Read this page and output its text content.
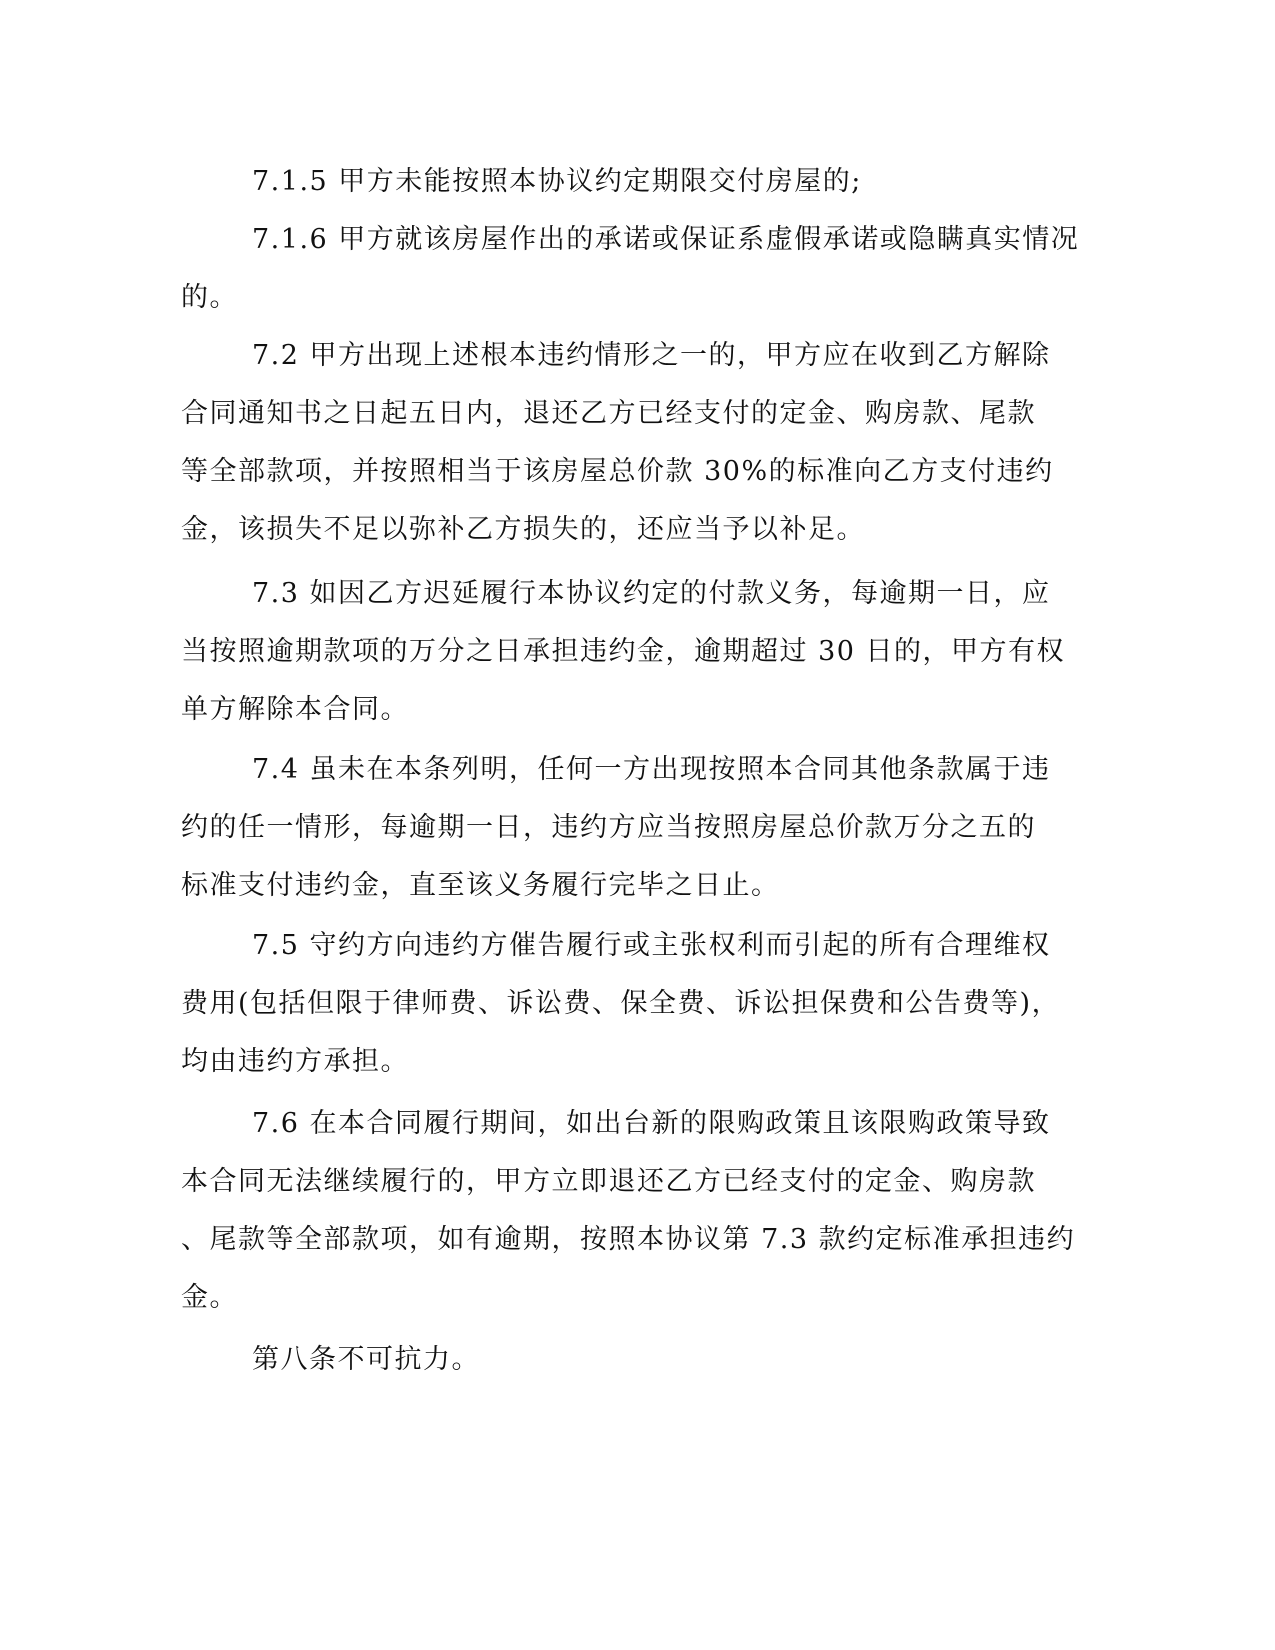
7.1.5 甲方未能按照本协议约定期限交付房屋的;
7.1.6 甲方就该房屋作出的承诺或保证系虚假承诺或隐瞒真实情况
的。
7.2 甲方出现上述根本违约情形之一的，甲方应在收到乙方解除
合同通知书之日起五日内，退还乙方已经支付的定金、购房款、尾款
等全部款项，并按照相当于该房屋总价款 30%的标准向乙方支付违约
金，该损失不足以弥补乙方损失的，还应当予以补足。
7.3 如因乙方迟延履行本协议约定的付款义务，每逾期一日，应
当按照逾期款项的万分之日承担违约金，逾期超过 30 日的，甲方有权
单方解除本合同。
7.4 虽未在本条列明，任何一方出现按照本合同其他条款属于违
约的任一情形，每逾期一日，违约方应当按照房屋总价款万分之五的
标准支付违约金，直至该义务履行完毕之日止。
7.5 守约方向违约方催告履行或主张权利而引起的所有合理维权
费用(包括但限于律师费、诉讼费、保全费、诉讼担保费和公告费等)，
均由违约方承担。
7.6 在本合同履行期间，如出台新的限购政策且该限购政策导致
本合同无法继续履行的，甲方立即退还乙方已经支付的定金、购房款
、尾款等全部款项，如有逾期，按照本协议第 7.3 款约定标准承担违约
金。
第八条不可抗力。
